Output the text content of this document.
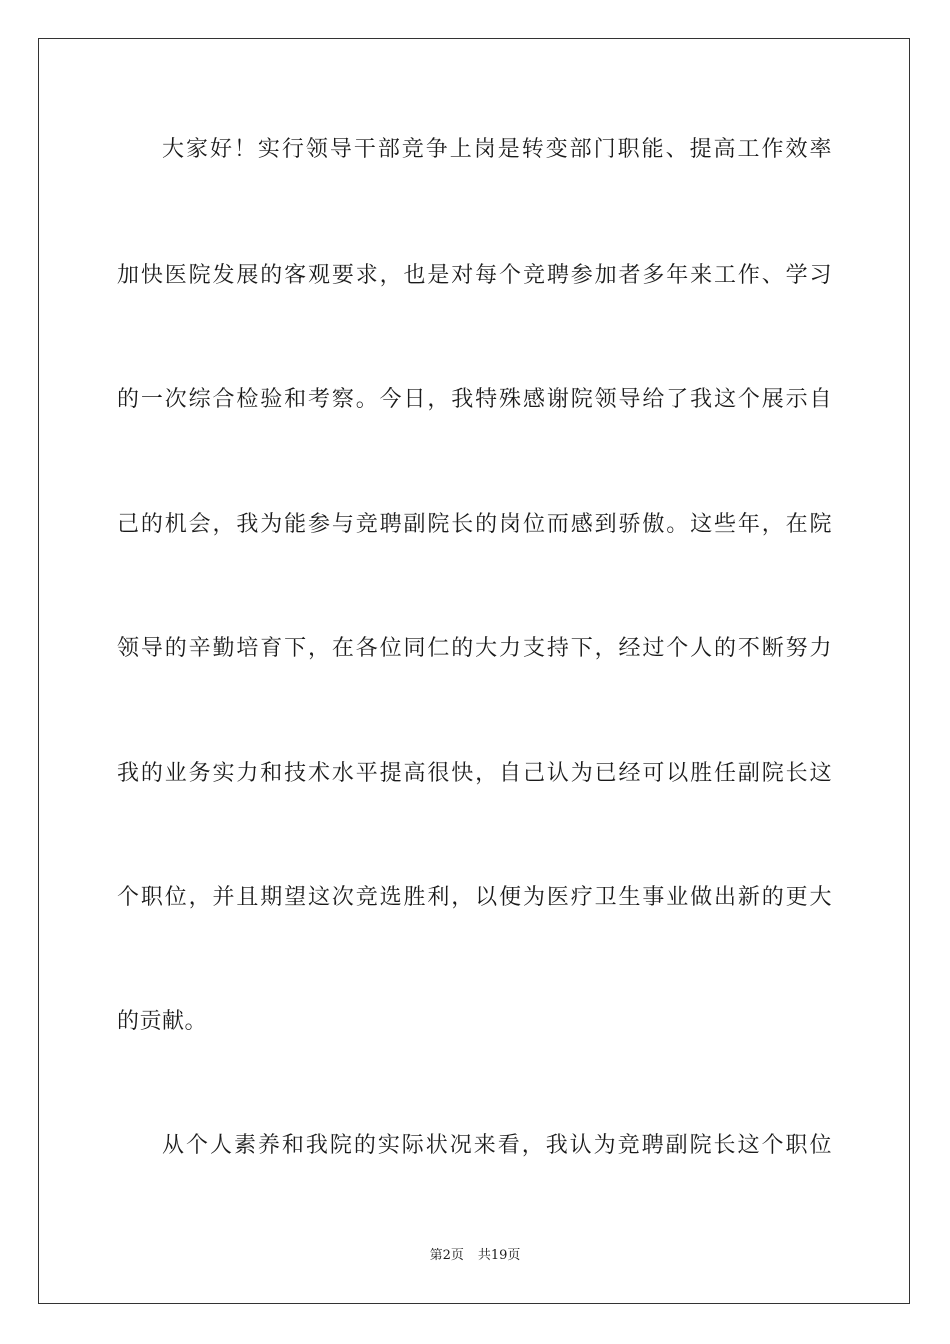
大家好！实行领导干部竞争上岗是转变部门职能、提高工作效率
加快医院发展的客观要求，也是对每个竞聘参加者多年来工作、学习
的一次综合检验和考察。今日，我特殊感谢院领导给了我这个展示自
己的机会，我为能参与竞聘副院长的岗位而感到骄傲。这些年，在院
领导的辛勤培育下，在各位同仁的大力支持下，经过个人的不断努力
我的业务实力和技术水平提高很快，自己认为已经可以胜任副院长这
个职位，并且期望这次竞选胜利，以便为医疗卫生事业做出新的更大
的贡献。
从个人素养和我院的实际状况来看，我认为竞聘副院长这个职位
第2页 共19页
